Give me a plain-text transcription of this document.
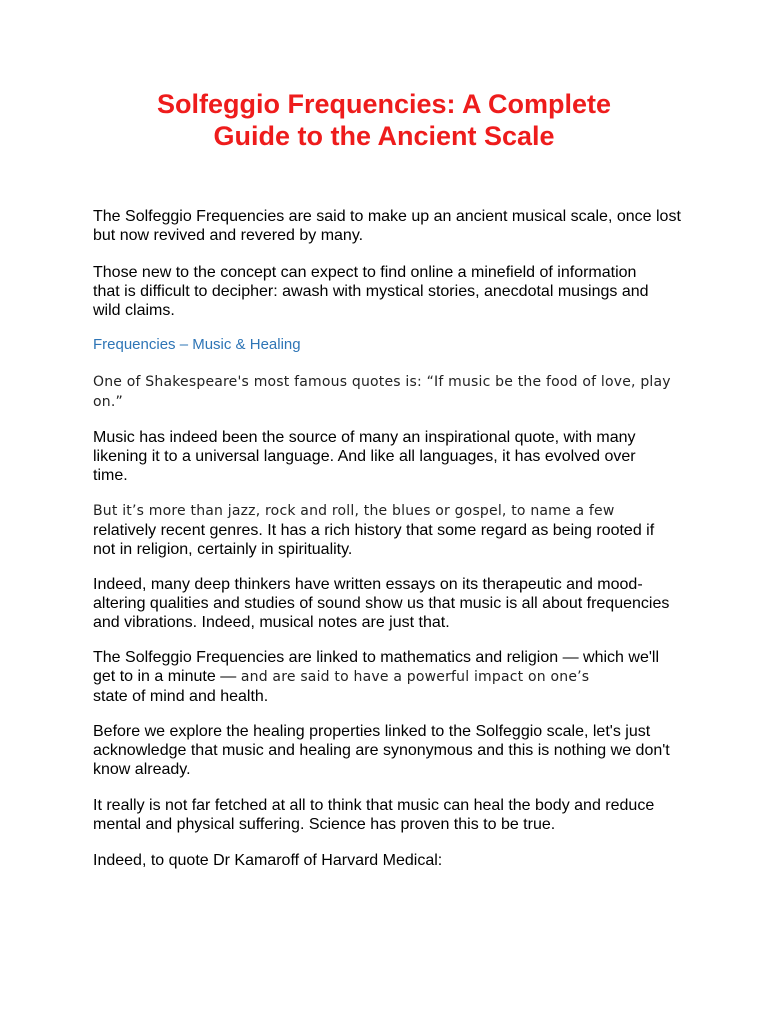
Solfeggio Frequencies: A Complete
Guide to the Ancient Scale

The Solfeggio Frequencies are said to make up an ancient musical scale, once lost but now revived and revered by many.

Those new to the concept can expect to find online a minefield of information that is difficult to decipher: awash with mystical stories, anecdotal musings and wild claims.

Frequencies – Music & Healing

One of Shakespeare's most famous quotes is: “If music be the food of love, play on.”

Music has indeed been the source of many an inspirational quote, with many likening it to a universal language. And like all languages, it has evolved over time.

But it’s more than jazz, rock and roll, the blues or gospel, to name a few
relatively recent genres. It has a rich history that some regard as being rooted if not in religion, certainly in spirituality.

Indeed, many deep thinkers have written essays on its therapeutic and mood-altering qualities and studies of sound show us that music is all about frequencies and vibrations. Indeed, musical notes are just that.

The Solfeggio Frequencies are linked to mathematics and religion — which we'll get to in a minute — and are said to have a powerful impact on one’s
state of mind and health.

Before we explore the healing properties linked to the Solfeggio scale, let's just acknowledge that music and healing are synonymous and this is nothing we don't know already.

It really is not far fetched at all to think that music can heal the body and reduce mental and physical suffering. Science has proven this to be true.

Indeed, to quote Dr Kamaroff of Harvard Medical:
